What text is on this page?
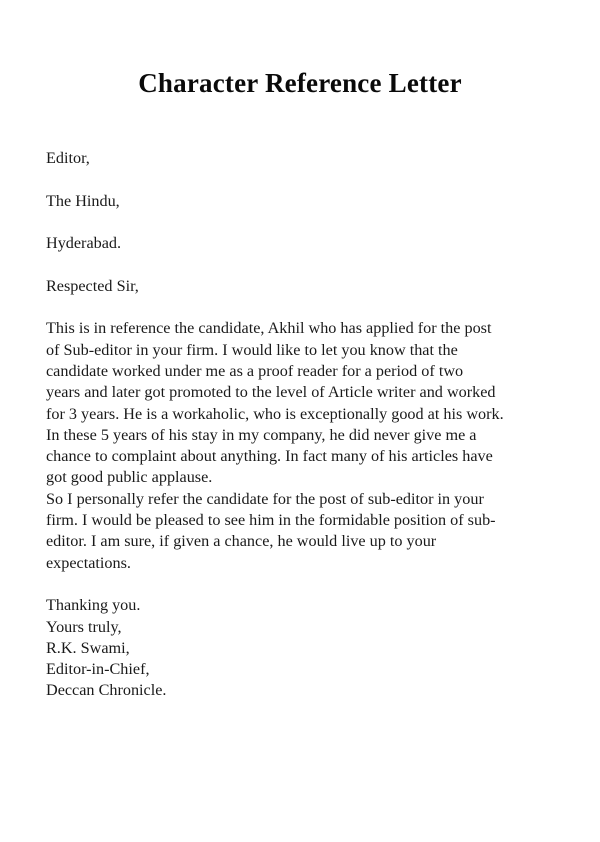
Character Reference Letter
Editor,
The Hindu,
Hyderabad.
Respected Sir,
This is in reference the candidate, Akhil who has applied for the post
of Sub-editor in your firm. I would like to let you know that the
candidate worked under me as a proof reader for a period of two
years and later got promoted to the level of Article writer and worked
for 3 years. He is a workaholic, who is exceptionally good at his work.
In these 5 years of his stay in my company, he did never give me a
chance to complaint about anything. In fact many of his articles have
got good public applause.
So I personally refer the candidate for the post of sub-editor in your
firm. I would be pleased to see him in the formidable position of sub-
editor. I am sure, if given a chance, he would live up to your
expectations.
Thanking you.
Yours truly,
R.K. Swami,
Editor-in-Chief,
Deccan Chronicle.
